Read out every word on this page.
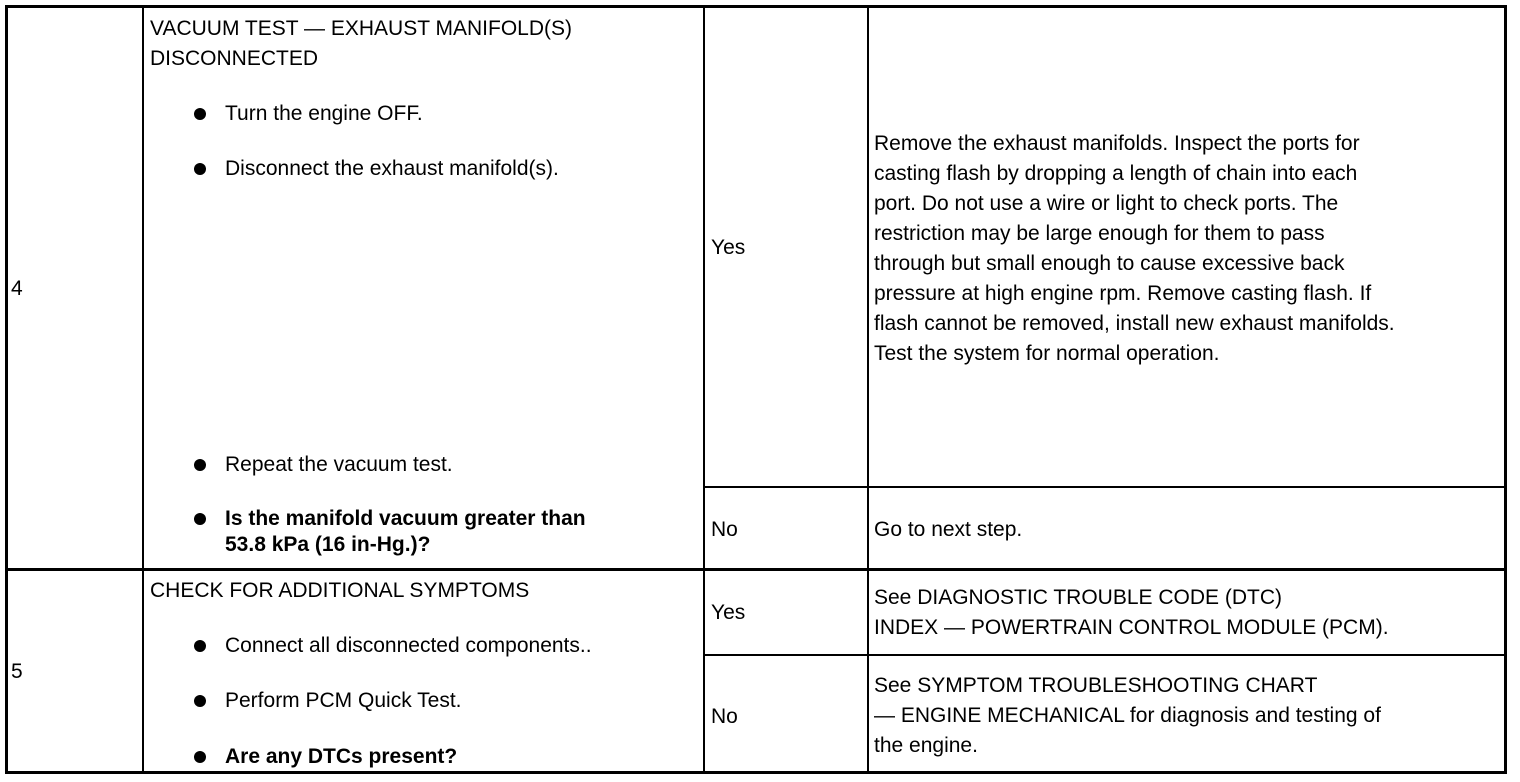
4
VACUUM TEST — EXHAUST MANIFOLD(S)
DISCONNECTED
Turn the engine OFF.
Disconnect the exhaust manifold(s).
Repeat the vacuum test.
Is the manifold vacuum greater than
53.8 kPa (16 in-Hg.)?
Yes
Remove the exhaust manifolds. Inspect the ports for
casting flash by dropping a length of chain into each
port. Do not use a wire or light to check ports. The
restriction may be large enough for them to pass
through but small enough to cause excessive back
pressure at high engine rpm. Remove casting flash. If
flash cannot be removed, install new exhaust manifolds.
Test the system for normal operation.
No	Go to next step.
5
CHECK FOR ADDITIONAL SYMPTOMS
Connect all disconnected components..
Perform PCM Quick Test.
Are any DTCs present?
Yes
See DIAGNOSTIC TROUBLE CODE (DTC)
INDEX — POWERTRAIN CONTROL MODULE (PCM).
No
See SYMPTOM TROUBLESHOOTING CHART
— ENGINE MECHANICAL for diagnosis and testing of
the engine.
